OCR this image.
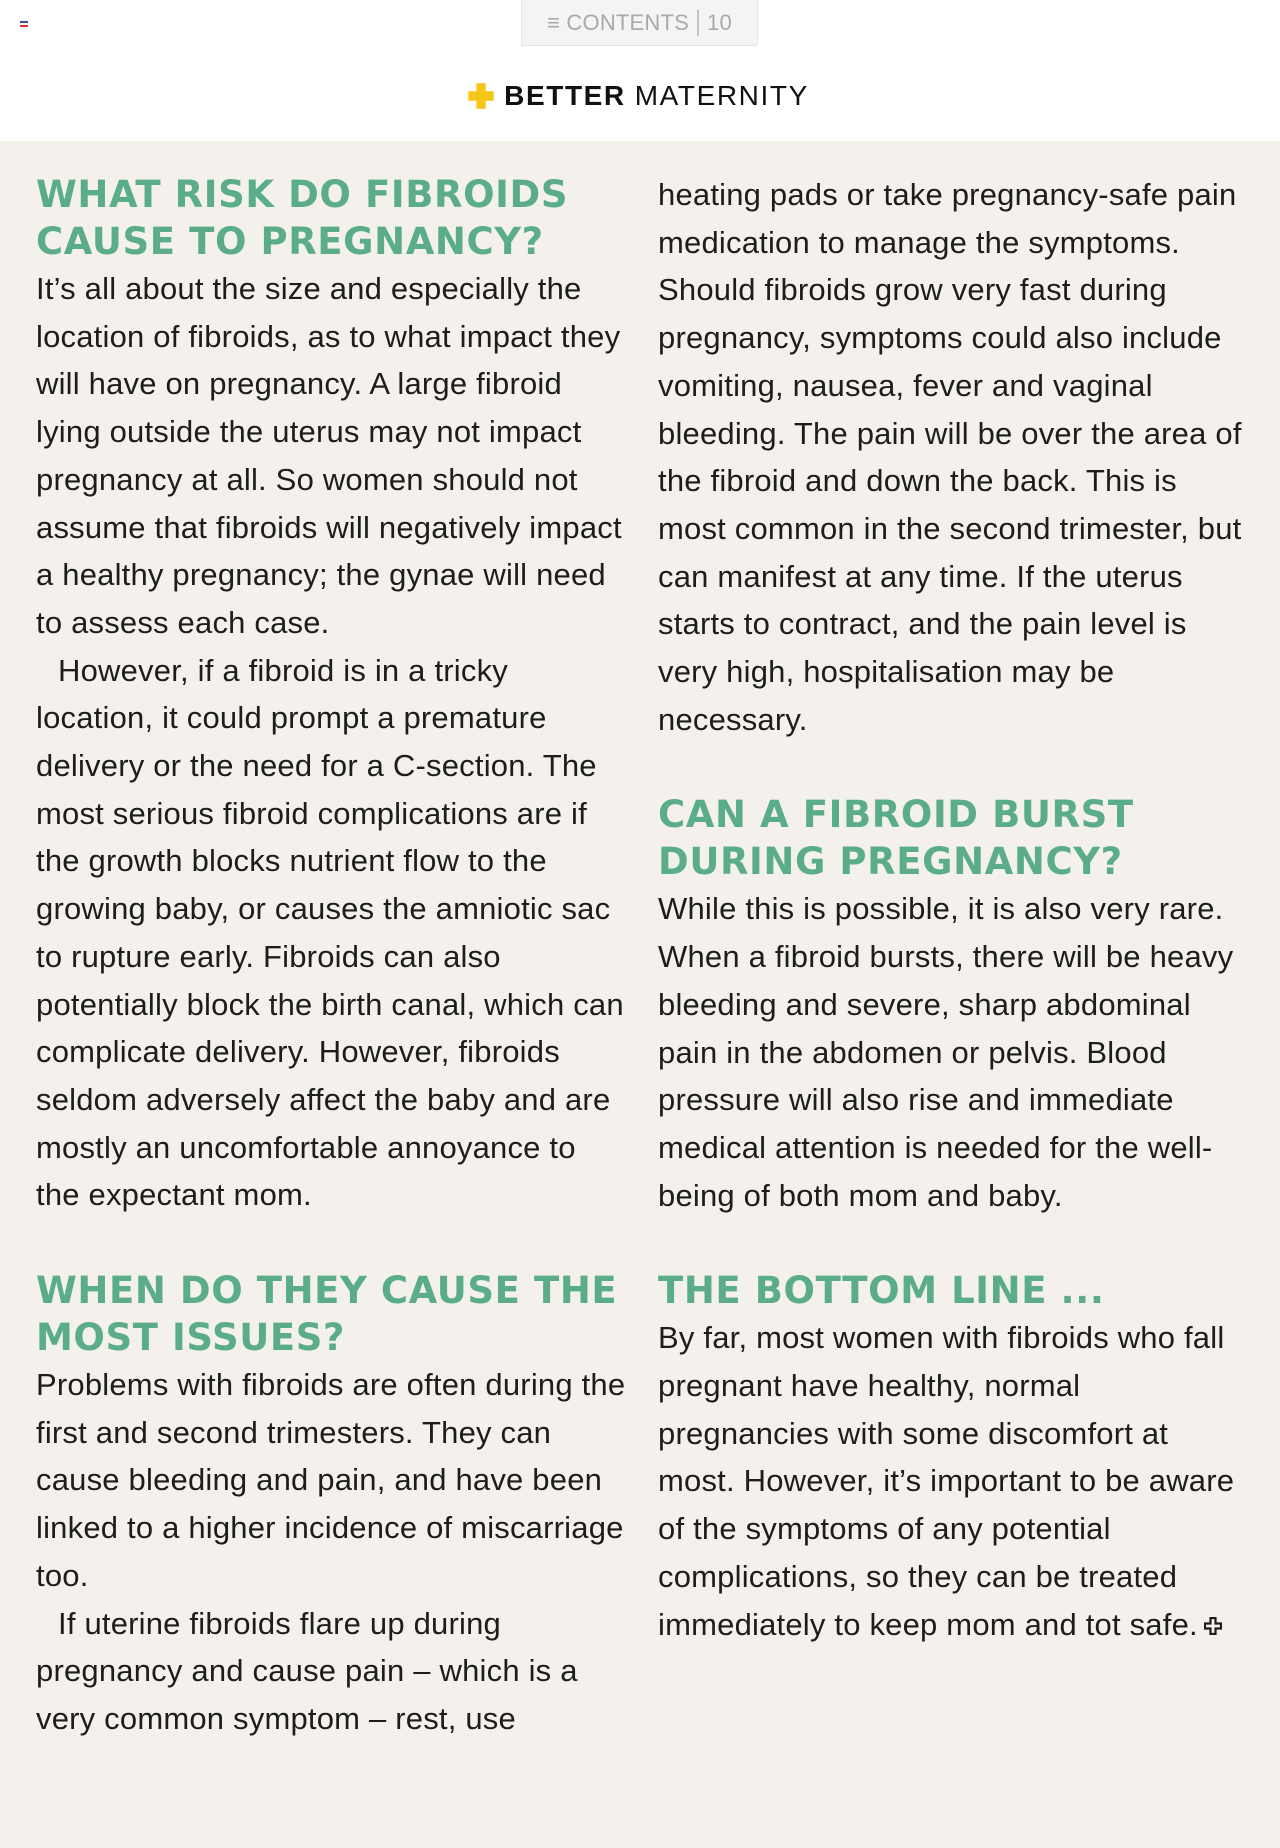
≡ CONTENTS 10
BETTER MATERNITY
WHAT RISK DO FIBROIDS CAUSE TO PREGNANCY?

It’s all about the size and especially the location of fibroids, as to what impact they will have on pregnancy. A large fibroid lying outside the uterus may not impact pregnancy at all. So women should not assume that fibroids will negatively impact a healthy pregnancy; the gynae will need to assess each case.

However, if a fibroid is in a tricky location, it could prompt a premature delivery or the need for a C-section. The most serious fibroid complications are if the growth blocks nutrient flow to the growing baby, or causes the amniotic sac to rupture early. Fibroids can also potentially block the birth canal, which can complicate delivery. However, fibroids seldom adversely affect the baby and are mostly an uncomfortable annoyance to the expectant mom.

WHEN DO THEY CAUSE THE MOST ISSUES?

Problems with fibroids are often during the first and second trimesters. They can cause bleeding and pain, and have been linked to a higher incidence of miscarriage too.

If uterine fibroids flare up during pregnancy and cause pain – which is a very common symptom – rest, use

heating pads or take pregnancy-safe pain medication to manage the symptoms. Should fibroids grow very fast during pregnancy, symptoms could also include vomiting, nausea, fever and vaginal bleeding. The pain will be over the area of the fibroid and down the back. This is most common in the second trimester, but can manifest at any time. If the uterus starts to contract, and the pain level is very high, hospitalisation may be necessary.

CAN A FIBROID BURST DURING PREGNANCY?

While this is possible, it is also very rare. When a fibroid bursts, there will be heavy bleeding and severe, sharp abdominal pain in the abdomen or pelvis. Blood pressure will also rise and immediate medical attention is needed for the well-being of both mom and baby.

THE BOTTOM LINE ...

By far, most women with fibroids who fall pregnant have healthy, normal pregnancies with some discomfort at most. However, it’s important to be aware of the symptoms of any potential complications, so they can be treated immediately to keep mom and tot safe.
